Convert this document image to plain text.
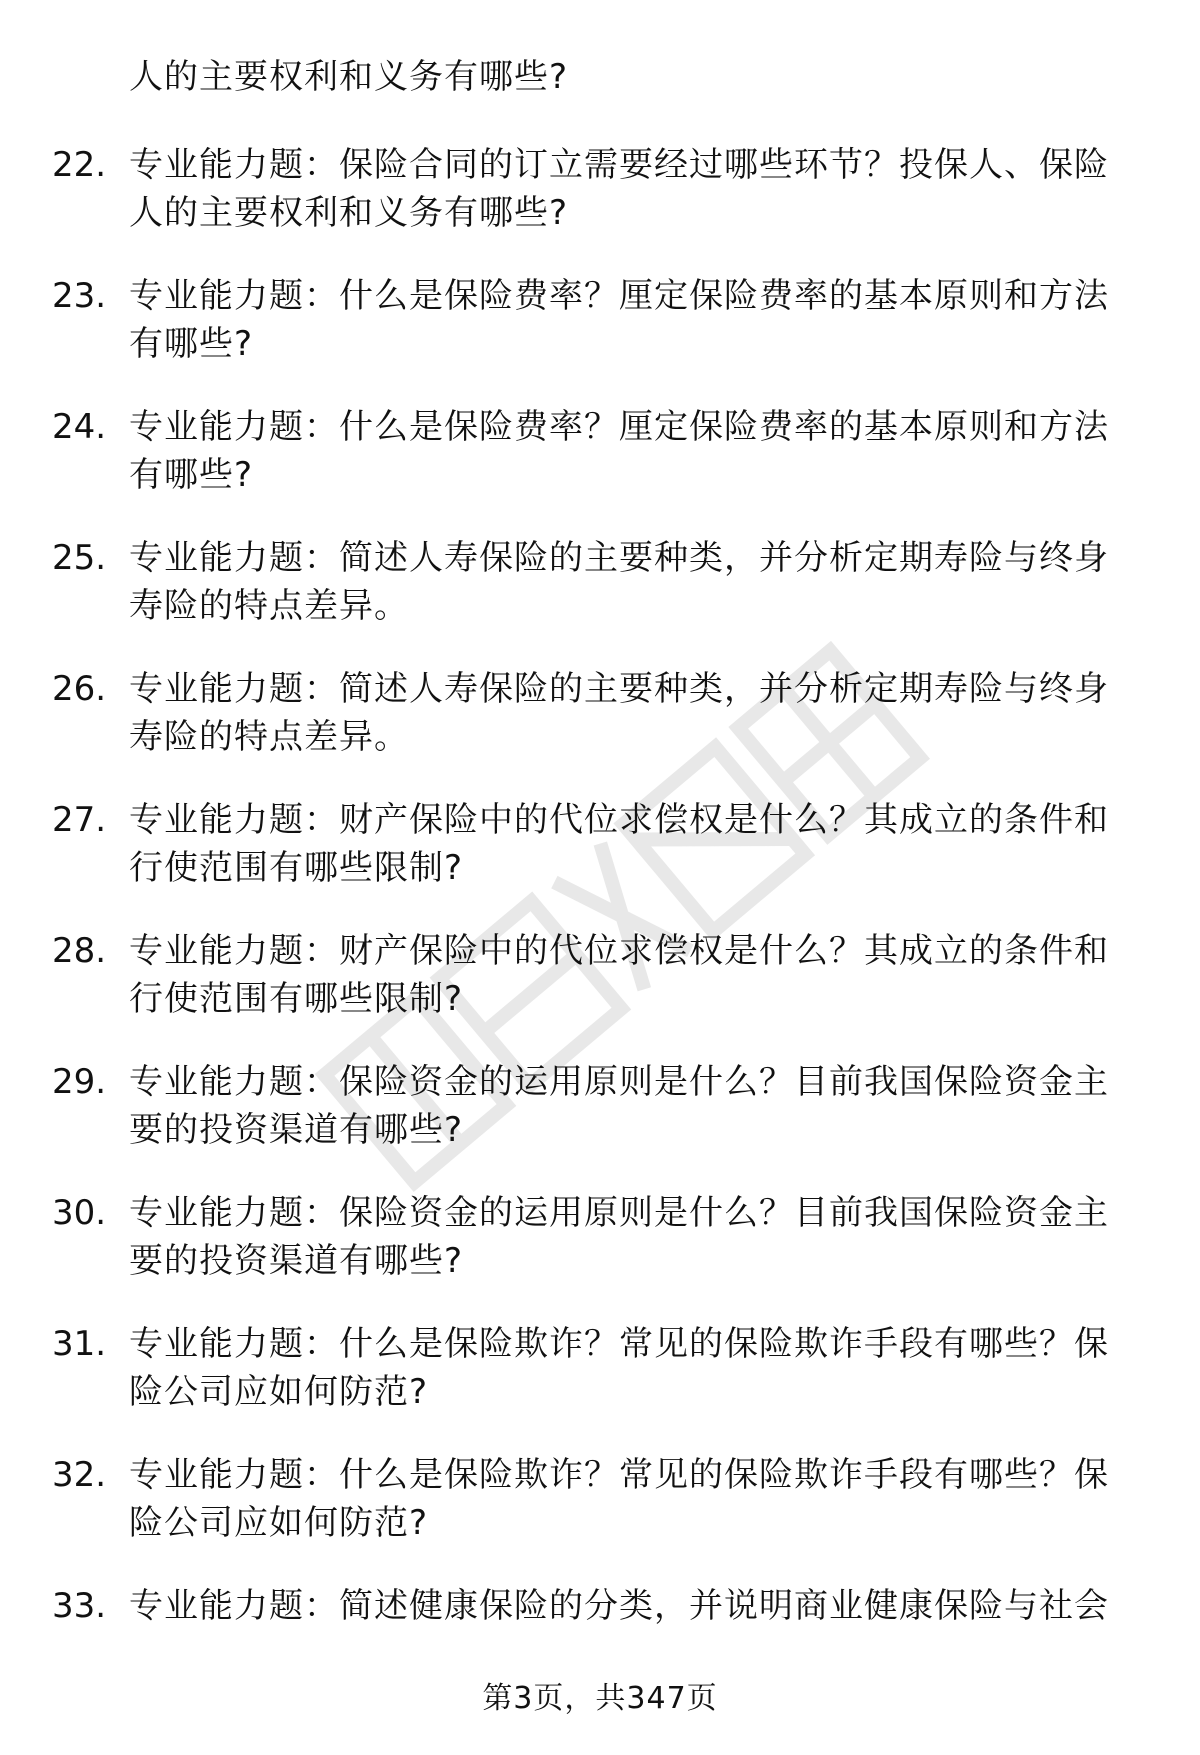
人的主要权利和义务有哪些?
22. 专业能力题：保险合同的订立需要经过哪些环节？投保人、保险
人的主要权利和义务有哪些?
23. 专业能力题：什么是保险费率？厘定保险费率的基本原则和方法
有哪些?
24. 专业能力题：什么是保险费率？厘定保险费率的基本原则和方法
有哪些?
25. 专业能力题：简述人寿保险的主要种类，并分析定期寿险与终身
寿险的特点差异。
26. 专业能力题：简述人寿保险的主要种类，并分析定期寿险与终身
寿险的特点差异。
27. 专业能力题：财产保险中的代位求偿权是什么？其成立的条件和
行使范围有哪些限制?
28. 专业能力题：财产保险中的代位求偿权是什么？其成立的条件和
行使范围有哪些限制?
29. 专业能力题：保险资金的运用原则是什么？目前我国保险资金主
要的投资渠道有哪些?
30. 专业能力题：保险资金的运用原则是什么？目前我国保险资金主
要的投资渠道有哪些?
31. 专业能力题：什么是保险欺诈？常见的保险欺诈手段有哪些？保
险公司应如何防范?
32. 专业能力题：什么是保险欺诈？常见的保险欺诈手段有哪些？保
险公司应如何防范?
33. 专业能力题：简述健康保险的分类，并说明商业健康保险与社会
第3页，共347页
